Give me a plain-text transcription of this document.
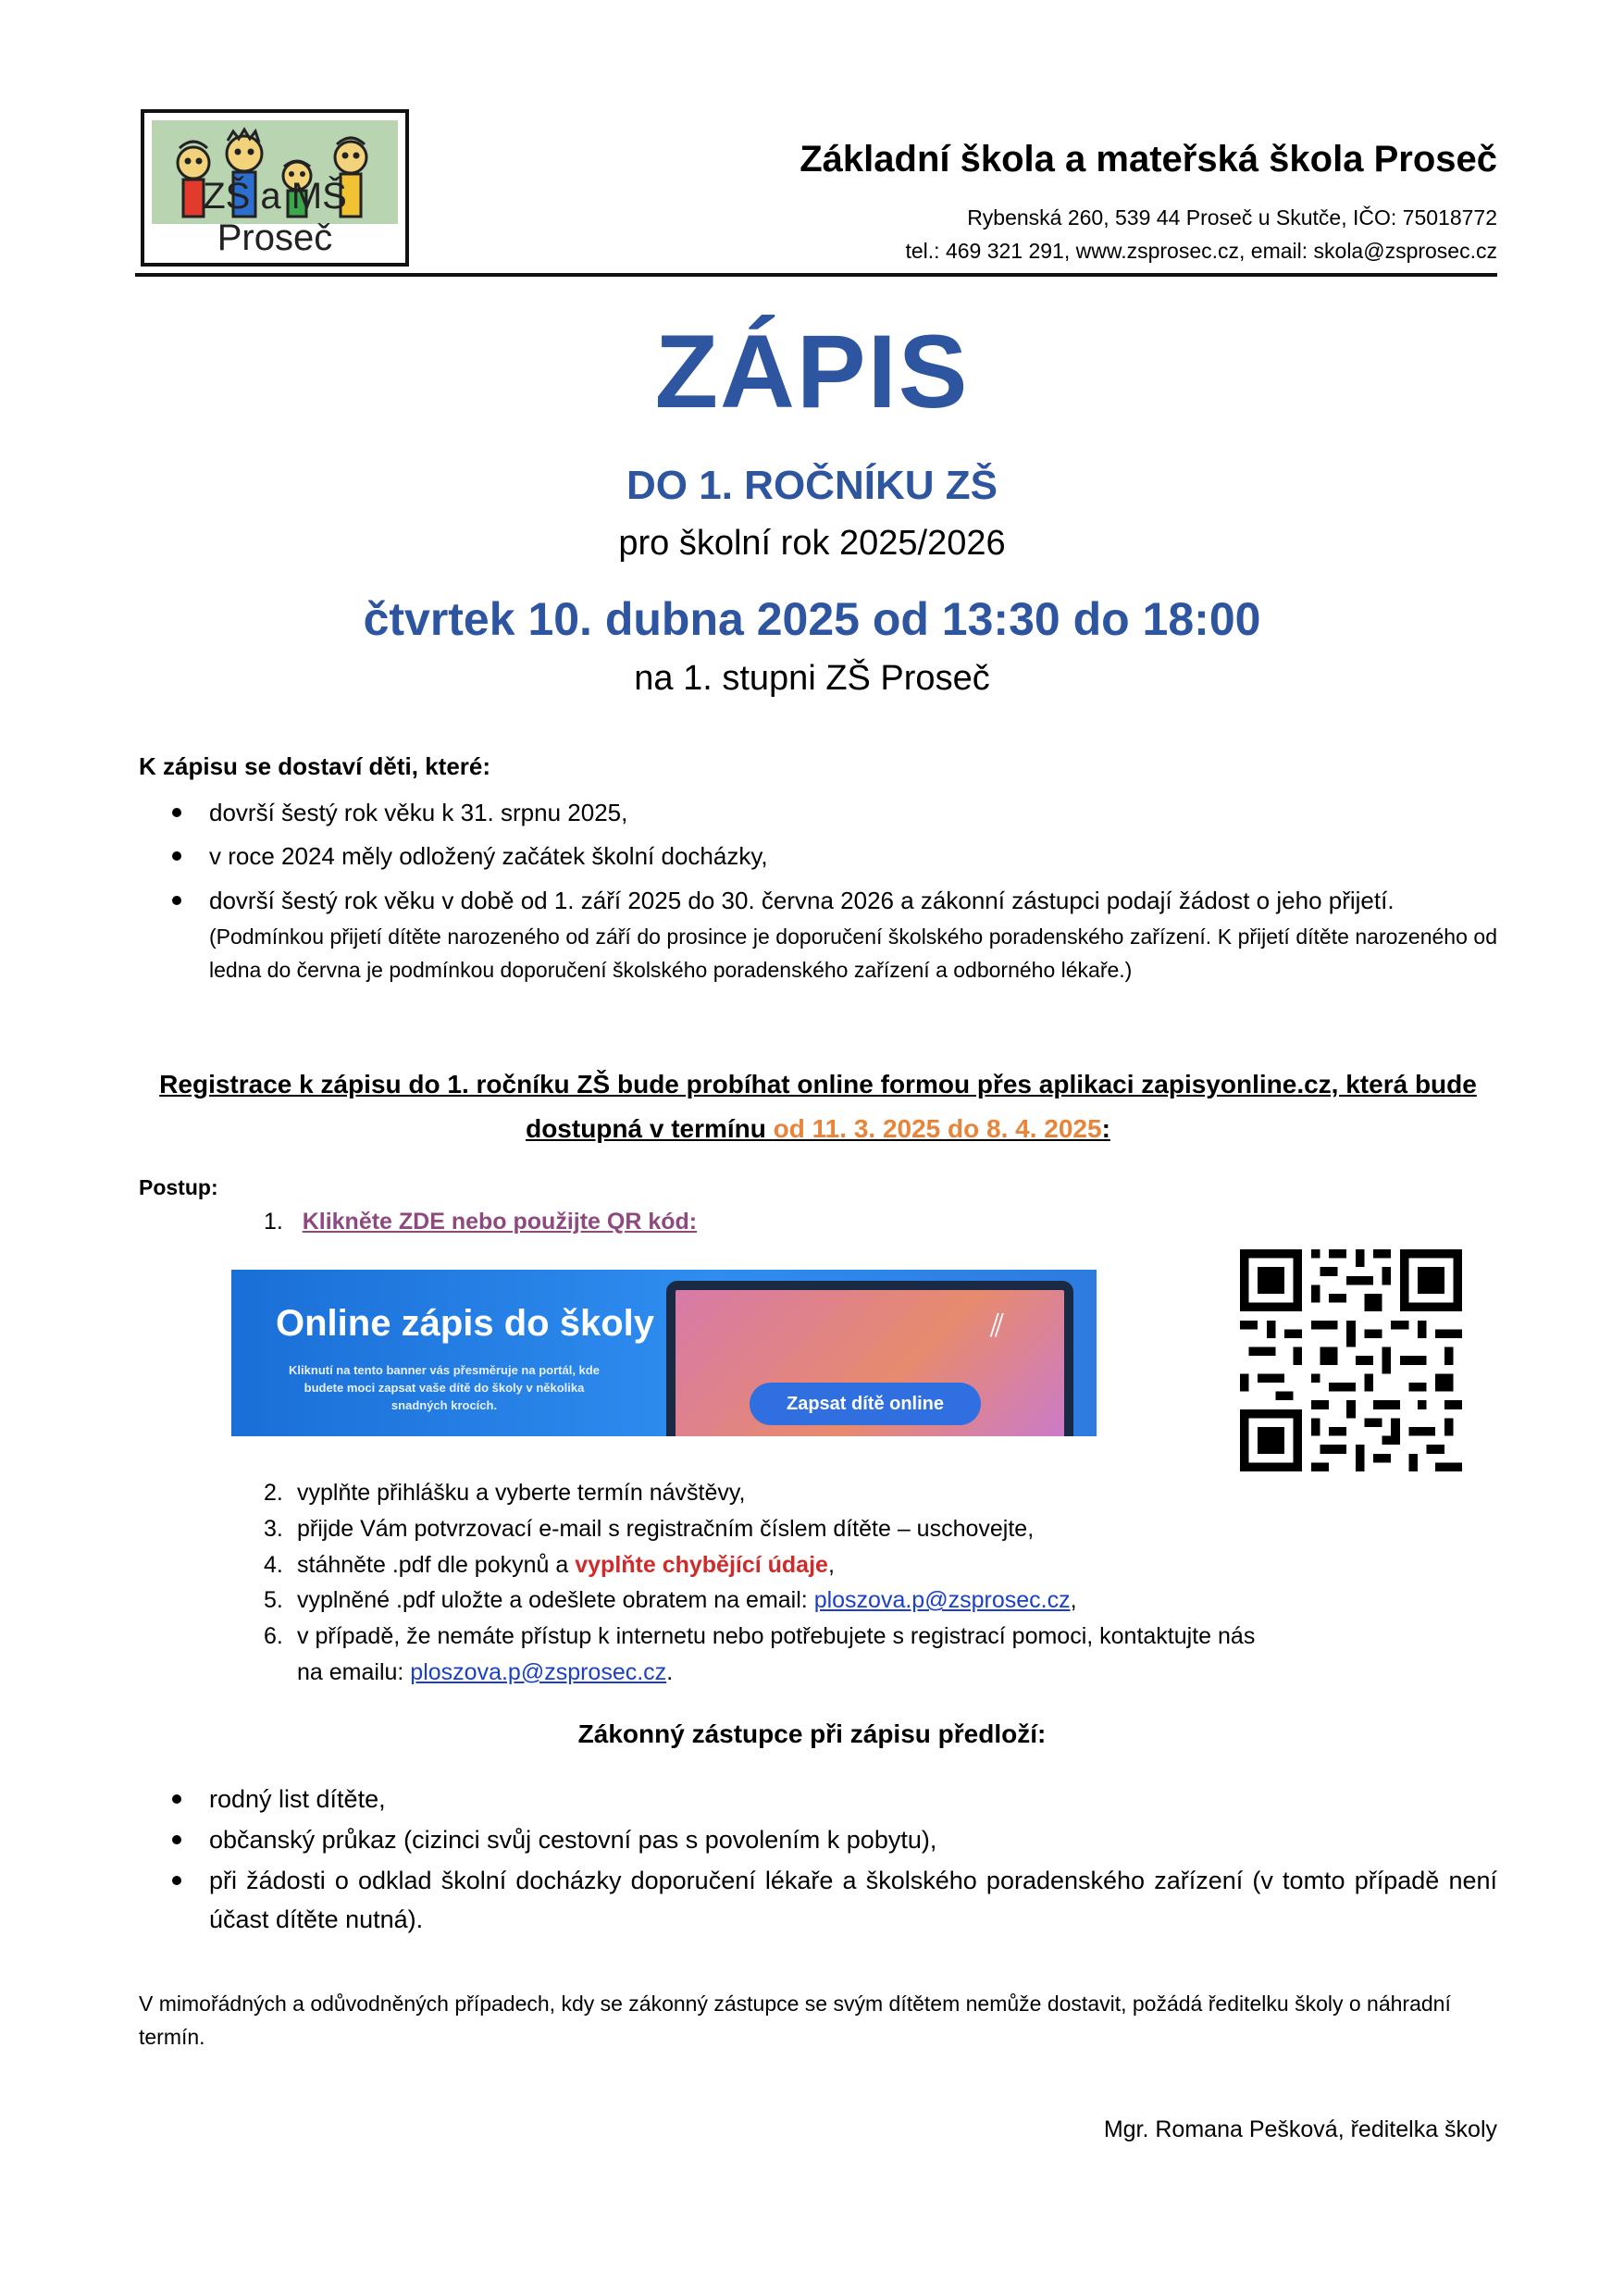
ZŠ a MŠ Proseč
Základní škola a mateřská škola Proseč
Rybenská 260, 539 44 Proseč u Skutče, IČO: 75018772
tel.: 469 321 291, www.zsprosec.cz, email: skola@zsprosec.cz
ZÁPIS
DO 1. ROČNÍKU ZŠ
pro školní rok 2025/2026
čtvrtek 10. dubna 2025 od 13:30 do 18:00
na 1. stupni ZŠ Proseč
K zápisu se dostaví děti, které:
dovrší šestý rok věku k 31. srpnu 2025,
v roce 2024 měly odložený začátek školní docházky,
dovrší šestý rok věku v době od 1. září 2025 do 30. června 2026 a zákonní zástupci podají žádost o jeho přijetí.
(Podmínkou přijetí dítěte narozeného od září do prosince je doporučení školského poradenského zařízení. K přijetí dítěte narozeného od ledna do června je podmínkou doporučení školského poradenského zařízení a odborného lékaře.)
Registrace k zápisu do 1. ročníku ZŠ bude probíhat online formou přes aplikaci zapisyonline.cz, která bude dostupná v termínu od 11. 3. 2025 do 8. 4. 2025:
Postup:
1. Klikněte ZDE nebo použijte QR kód:
Online zápis do školy
Kliknutí na tento banner vás přesměruje na portál, kde budete moci zapsat vaše dítě do školy v několika snadných krocích.
⫽
Zapsat dítě online
2. vyplňte přihlášku a vyberte termín návštěvy,
3. přijde Vám potvrzovací e-mail s registračním číslem dítěte – uschovejte,
4. stáhněte .pdf dle pokynů a vyplňte chybějící údaje,
5. vyplněné .pdf uložte a odešlete obratem na email: ploszova.p@zsprosec.cz,
6. v případě, že nemáte přístup k internetu nebo potřebujete s registrací pomoci, kontaktujte nás
na emailu: ploszova.p@zsprosec.cz.
Zákonný zástupce při zápisu předloží:
rodný list dítěte,
občanský průkaz (cizinci svůj cestovní pas s povolením k pobytu),
při žádosti o odklad školní docházky doporučení lékaře a školského poradenského zařízení (v tomto případě není účast dítěte nutná).
V mimořádných a odůvodněných případech, kdy se zákonný zástupce se svým dítětem nemůže dostavit, požádá ředitelku školy o náhradní termín.
Mgr. Romana Pešková, ředitelka školy
